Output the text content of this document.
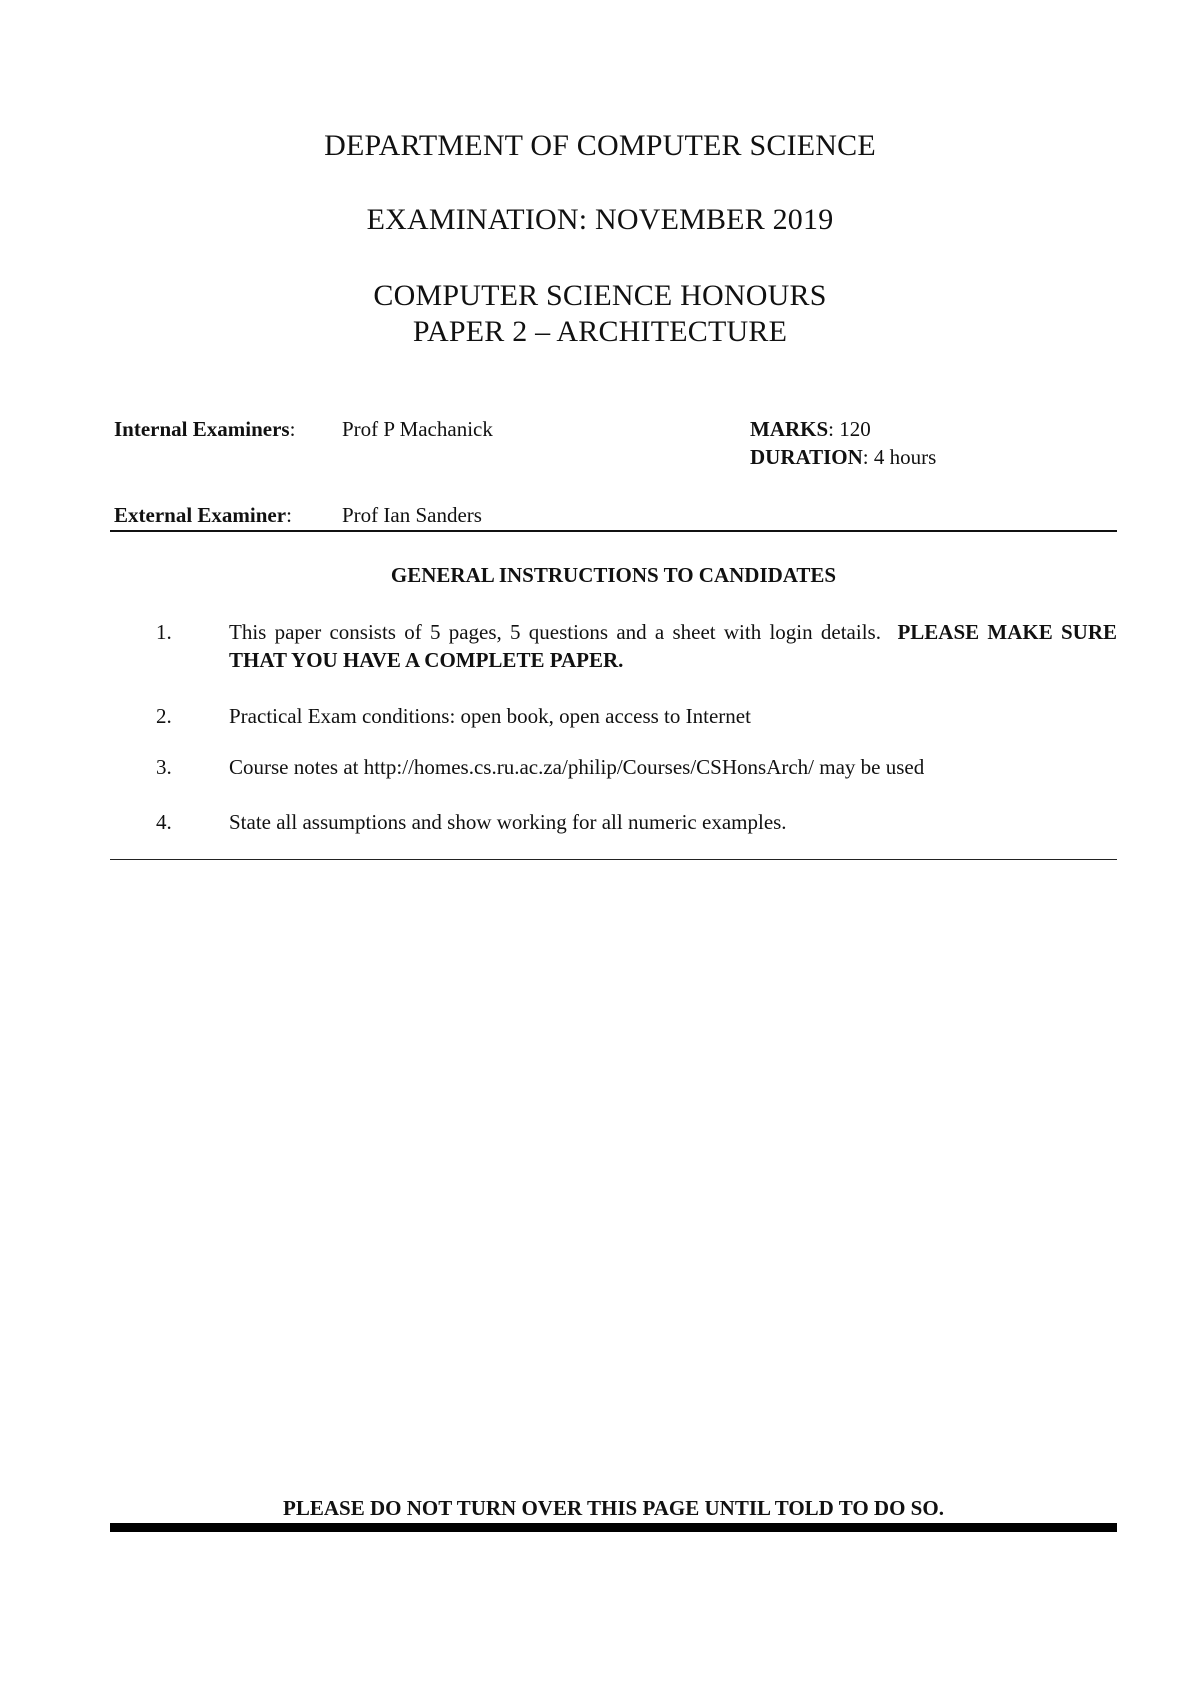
DEPARTMENT OF COMPUTER SCIENCE
EXAMINATION: NOVEMBER 2019
COMPUTER SCIENCE HONOURS
PAPER 2 – ARCHITECTURE
Internal Examiners: Prof P Machanick	MARKS: 120
DURATION: 4 hours
External Examiner: Prof Ian Sanders
GENERAL INSTRUCTIONS TO CANDIDATES
1.	This paper consists of 5 pages, 5 questions and a sheet with login details. PLEASE MAKE SURE THAT YOU HAVE A COMPLETE PAPER.
2.	Practical Exam conditions: open book, open access to Internet
3.	Course notes at http://homes.cs.ru.ac.za/philip/Courses/CSHonsArch/ may be used
4.	State all assumptions and show working for all numeric examples.
PLEASE DO NOT TURN OVER THIS PAGE UNTIL TOLD TO DO SO.
